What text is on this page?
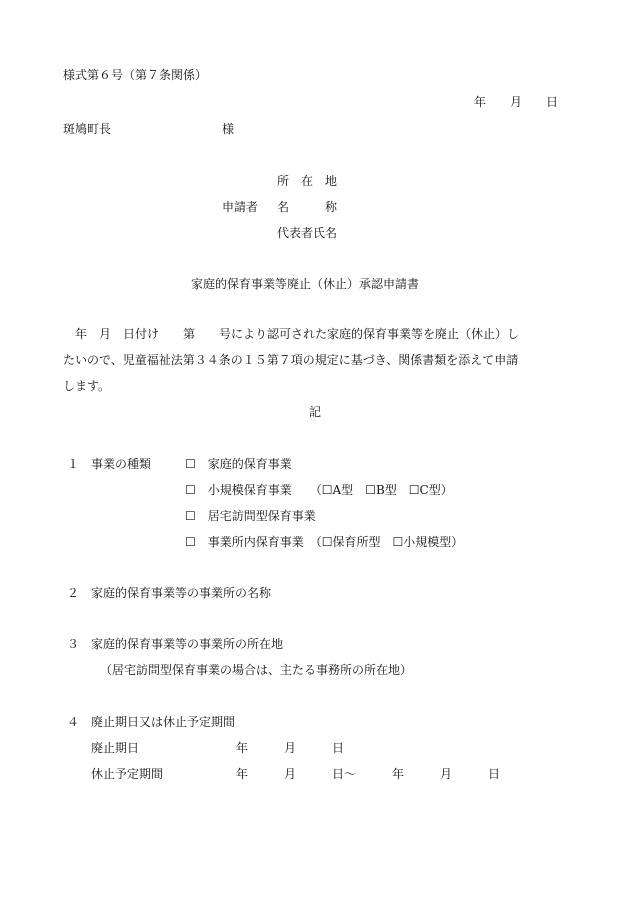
様式第６号（第７条関係）
年　　月　　日
斑鳩町長	様
所　在　地
申請者 名　　　称
代表者氏名
家庭的保育事業等廃止（休止）承認申請書
年　月　日付け　　第　　号により認可された家庭的保育事業等を廃止（休止）し
たいので、児童福祉法第３４条の１５第７項の規定に基づき、関係書類を添えて申請
します。
記
１ 事業の種類	☐　家庭的保育事業
☐　小規模保育事業　　（☐A型　☐B型　☐C型）
☐　居宅訪問型保育事業
☐　事業所内保育事業　（☐保育所型　☐小規模型）
２ 家庭的保育事業等の事業所の名称
３ 家庭的保育事業等の事業所の所在地
（居宅訪問型保育事業の場合は、主たる事務所の所在地）
４ 廃止期日又は休止予定期間
廃止期日	年　　　月　　　日
休止予定期間	年　　　月　　　日～　　　年　　　月　　　日
